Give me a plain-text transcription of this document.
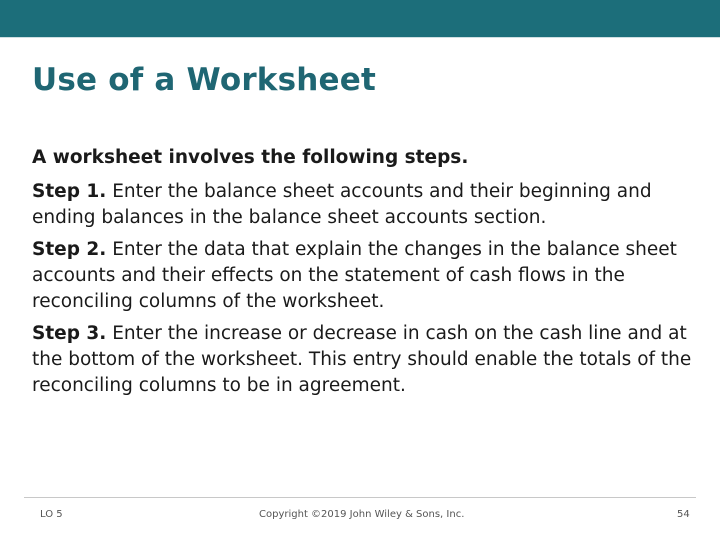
Use of a Worksheet

A worksheet involves the following steps.

Step 1. Enter the balance sheet accounts and their beginning and ending balances in the balance sheet accounts section.

Step 2. Enter the data that explain the changes in the balance sheet accounts and their effects on the statement of cash flows in the reconciling columns of the worksheet.

Step 3. Enter the increase or decrease in cash on the cash line and at the bottom of the worksheet. This entry should enable the totals of the reconciling columns to be in agreement.

LO 5	Copyright ©2019 John Wiley & Sons, Inc.	54
